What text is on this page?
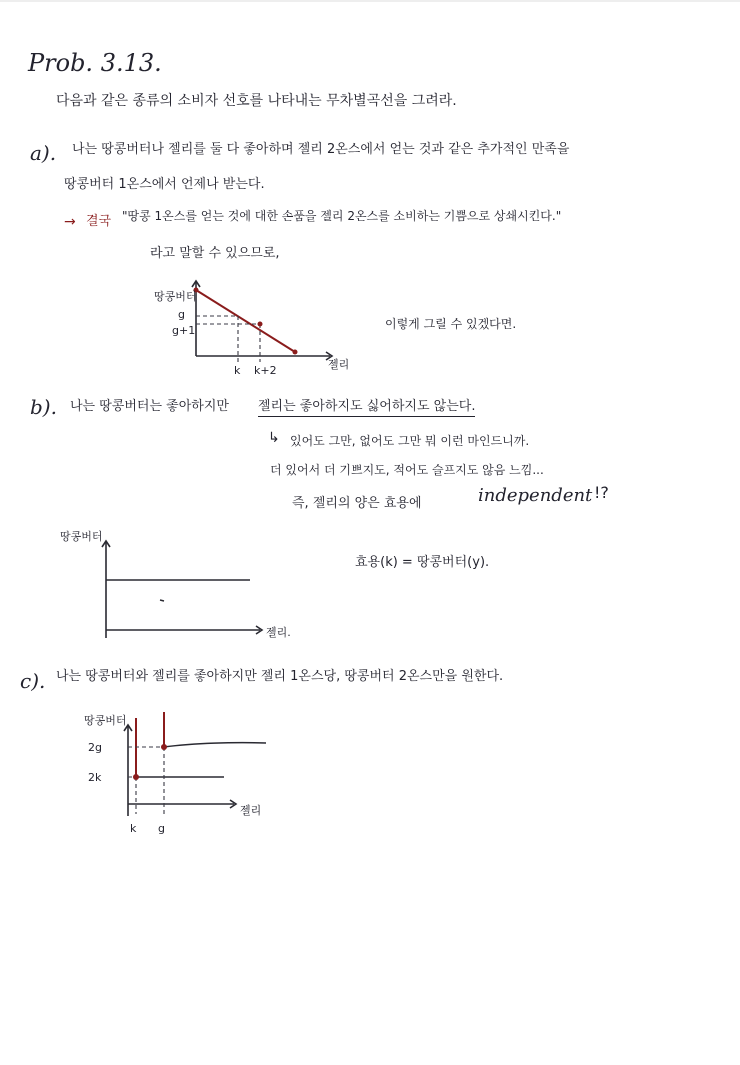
Prob. 3.13.
다음과 같은 종류의 소비자 선호를 나타내는 무차별곡선을 그려라.
a). 나는 땅콩버터나 젤리를 둘 다 좋아하며 젤리 2온스에서 얻는 것과 같은 추가적인 만족을
땅콩버터 1온스에서 언제나 받는다.
→ 결국 "땅콩 1온스를 얻는 것에 대한 손품을 젤리 2온스를 소비하는 기쁨으로 상쇄시킨다."
라고 말할 수 있으므로,
땅콩버터
g
g+1
k k+2	젤리
이렇게 그릴 수 있겠다면.
b). 나는 땅콩버터는 좋아하지만 젤리는 좋아하지도 싫어하지도 않는다.
↳ 있어도 그만, 없어도 그만 뭐 이런 마인드니까.
더 있어서 더 기쁘지도, 적어도 슬프지도 않음 느낌...
즉, 젤리의 양은 효용에	independent !?
효용(k) = 땅콩버터(y).
땅콩버터
젤리.
c). 나는 땅콩버터와 젤리를 좋아하지만 젤리 1온스당, 땅콩버터 2온스만을 원한다.
땅콩버터
2g
2k
k g
젤리
